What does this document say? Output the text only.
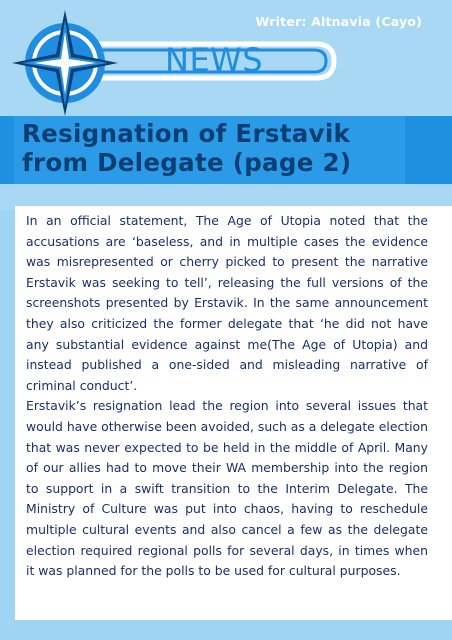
NEWS
Writer: Altnavia (Cayo)
Resignation of Erstavik
from Delegate (page 2)

In an official statement, The Age of Utopia noted that the accusations are ‘baseless, and in multiple cases the evidence was misrepresented or cherry picked to present the narrative Erstavik was seeking to tell’, releasing the full versions of the screenshots presented by Erstavik. In the same announcement they also criticized the former delegate that ‘he did not have any substantial evidence against me(The Age of Utopia) and instead published a one-sided and misleading narrative of criminal conduct’.

Erstavik’s resignation lead the region into several issues that would have otherwise been avoided, such as a delegate election that was never expected to be held in the middle of April. Many of our allies had to move their WA membership into the region to support in a swift transition to the Interim Delegate. The Ministry of Culture was put into chaos, having to reschedule multiple cultural events and also cancel a few as the delegate election required regional polls for several days, in times when it was planned for the polls to be used for cultural purposes.
